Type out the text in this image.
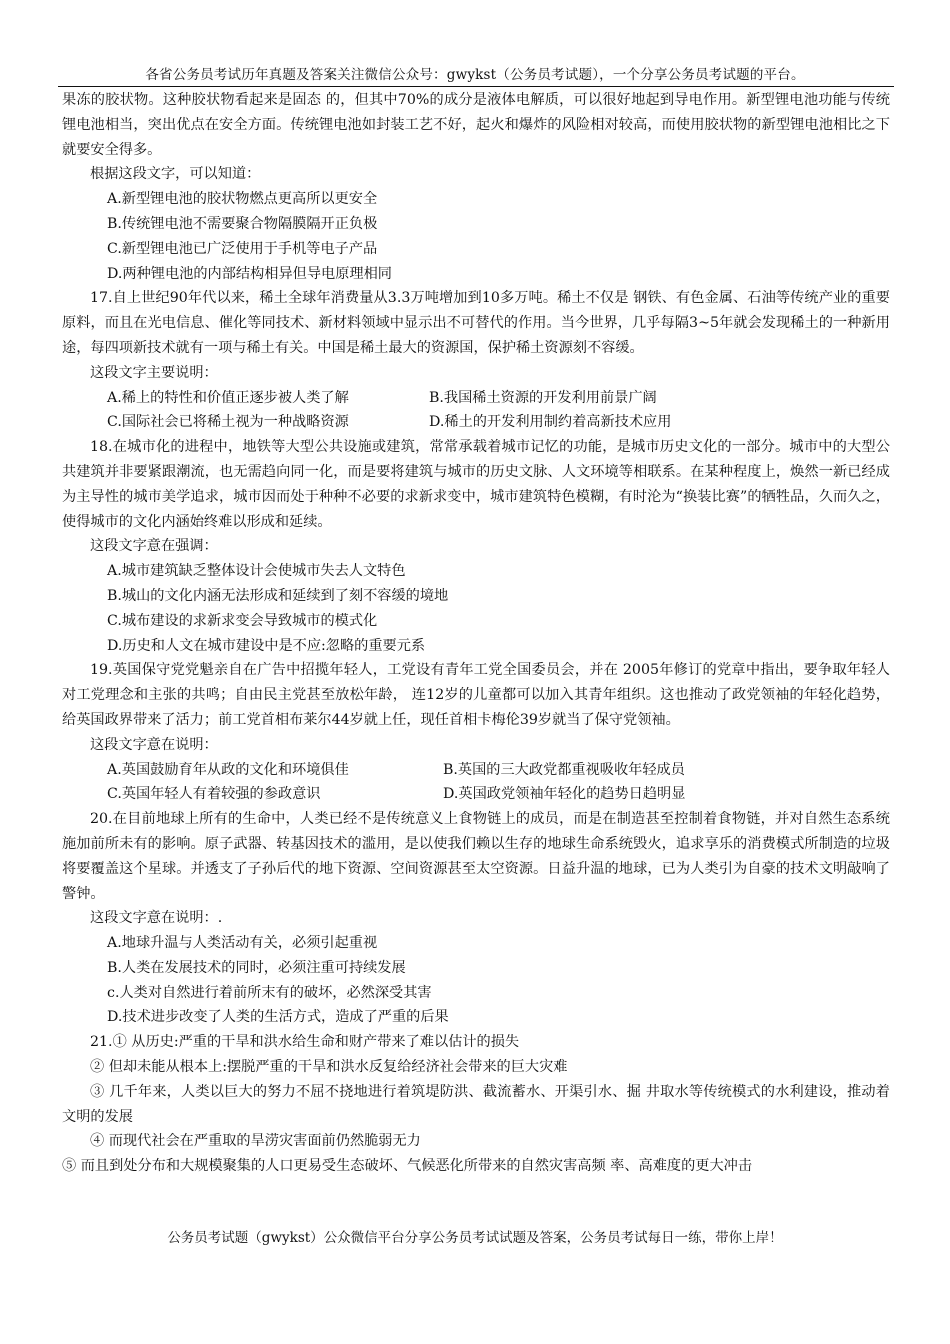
各省公务员考试历年真题及答案关注微信公众号：gwykst（公务员考试题），一个分享公务员考试题的平台。

果冻的胶状物。这种胶状物看起来是固态 的，但其中70%的成分是液体电解质，可以很好地起到导电作用。新型锂电池功能与传统锂电池相当，突出优点在安全方面。传统锂电池如封装工艺不好，起火和爆炸的风险相对较高，而使用胶状物的新型锂电池相比之下就要安全得多。

根据这段文字，可以知道：

A.新型锂电池的胶状物燃点更高所以更安全

B.传统锂电池不需要聚合物隔膜隔开正负极

C.新型锂电池已广泛使用于手机等电子产品

D.两种锂电池的内部结构相异但导电原理相同

17.自上世纪90年代以来，稀土全球年消费量从3.3万吨增加到10多万吨。稀土不仅是 钢铁、有色金属、石油等传统产业的重要原料，而且在光电信息、催化等同技术、新材料领域中显示出不可替代的作用。当今世界，几乎每隔3~5年就会发现稀土的一种新用途，每四项新技术就有一项与稀土有关。中国是稀土最大的资源国，保护稀土资源刻不容缓。

这段文字主要说明：

A.稀上的特性和价值正逐步被人类了解	B.我国稀土资源的开发利用前景广阔
C.国际社会已将稀土视为一种战略资源	D.稀土的开发利用制约着高新技术应用

18.在城市化的进程中，地铁等大型公共设施或建筑，常常承载着城市记忆的功能，是城市历史文化的一部分。城市中的大型公共建筑并非要紧跟潮流，也无需趋向同一化，而是要将建筑与城市的历史文脉、人文环境等相联系。在某种程度上，焕然一新已经成为主导性的城市美学追求，城市因而处于种种不必要的求新求变中，城市建筑特色模糊，有时沦为“换装比赛”的牺牲品，久而久之，使得城市的文化内涵始终难以形成和延续。

这段文字意在强调：

A.城市建筑缺乏整体设计会使城市失去人文特色

B.城山的文化内涵无法形成和延续到了刻不容缓的境地

C.城布建设的求新求变会导致城市的模式化

D.历史和人文在城市建设中是不应:忽略的重要元系

19.英国保守党党魁亲自在广告中招揽年轻人，工党设有青年工党全国委员会，并在 2005年修订的党章中指出，要争取年轻人对工党理念和主张的共鸣；自由民主党甚至放松年龄， 连12岁的儿童都可以加入其青年组织。这也推动了政党领袖的年轻化趋势，给英国政界带来了活力；前工党首相布莱尔44岁就上任，现任首相卡梅伦39岁就当了保守党领袖。

这段文字意在说明：

A.英国鼓励育年从政的文化和环境俱佳	B.英国的三大政党都重视吸收年轻成员
C.英国年轻人有着较强的参政意识	D.英国政党领袖年轻化的趋势日趋明显

20.在目前地球上所有的生命中，人类已经不是传统意义上食物链上的成员，而是在制造甚至控制着食物链，并对自然生态系统施加前所未有的影响。原子武器、转基因技术的滥用，是以使我们赖以生存的地球生命系统毁火，追求享乐的消费模式所制造的垃圾将要覆盖这个星球。并透支了子孙后代的地下资源、空间资源甚至太空资源。日益升温的地球，已为人类引为自豪的技术文明敲响了警钟。

这段文字意在说明：.

A.地球升温与人类活动有关，必须引起重视

B.人类在发展技术的同时，必须注重可持续发展

c.人类对自然进行着前所末有的破坏，必然深受其害

D.技术进步改变了人类的生活方式，造成了严重的后果

21.① 从历史:严重的干旱和洪水给生命和财产带来了难以估计的损失

② 但却未能从根本上:摆脱严重的干旱和洪水反复给经济社会带来的巨大灾难

③ 几千年来，人类以巨大的努力不屈不挠地进行着筑堤防洪、截流蓄水、开渠引水、掘 井取水等传统模式的水利建设，推动着文明的发展

④ 而现代社会在严重取的旱涝灾害面前仍然脆弱无力

⑤ 而且到处分布和大规模聚集的人口更易受生态破坏、气候恶化所带来的自然灾害高频 率、高难度的更大冲击

公务员考试题（gwykst）公众微信平台分享公务员考试试题及答案，公务员考试每日一练，带你上岸！
